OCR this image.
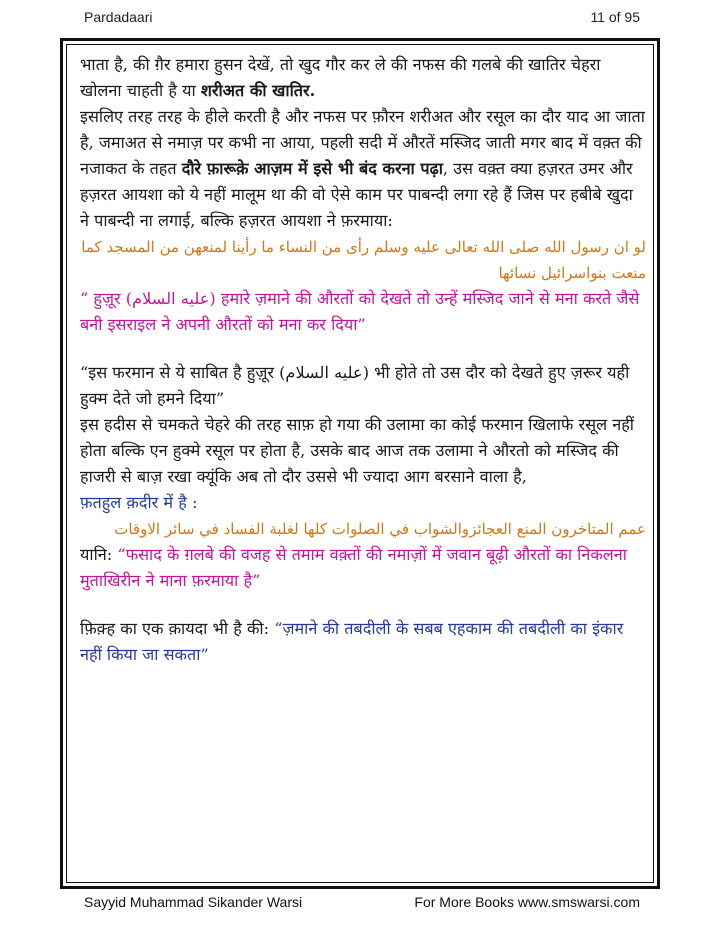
Pardadaari	11 of 95

भाता है, की ग़ैर हमारा हुसन देखें, तो खुद गौर कर ले की नफस की गलबे की खातिर चेहरा खोलना चाहती है या शरीअत की खातिर.

इसलिए तरह तरह के हीले करती है और नफस पर फ़ौरन शरीअत और रसूल का दौर याद आ जाता है, जमाअत से नमाज़ पर कभी ना आया, पहली सदी में औरतें मस्जिद जाती मगर बाद में वक़्त की नजाकत के तहत दौरे फ़ारूक़े आज़म में इसे भी बंद करना पढ़ा, उस वक़्त क्या हज़रत उमर और हज़रत आयशा को ये नहीं मालूम था की वो ऐसे काम पर पाबन्दी लगा रहे हैं जिस पर हबीबे खुदा ने पाबन्दी ना लगाई, बल्कि हज़रत आयशा ने फ़रमाया:

لو ان رسول الله صلى الله تعالى عليه وسلم رأى من النساء ما رأينا لمنعهن من المسجد كما منعت بنواسرائيل نسائها

“ हुज़ूर (عليه السلام) हमारे ज़माने की औरतों को देखते तो उन्हें मस्जिद जाने से मना करते जैसे बनी इसराइल ने अपनी औरतों को मना कर दिया”

“इस फरमान से ये साबित है हुज़ूर (عليه السلام) भी होते तो उस दौर को देखते हुए ज़रूर यही हुक्म देते जो हमने दिया”

इस हदीस से चमकते चेहरे की तरह साफ़ हो गया की उलामा का कोई फरमान खिलाफे रसूल नहीं होता बल्कि एन हुक्मे रसूल पर होता है, उसके बाद आज तक उलामा ने औरतो को मस्जिद की हाजरी से बाज़ रखा क्यूंकि अब तो दौर उससे भी ज्यादा आग बरसाने वाला है,

फ़तहुल क़दीर में है :

عمم المتاخرون المنع العجائزوالشواب في الصلوات كلها لغلبة الفساد في سائر الاوقات

यानि: “फसाद के ग़लबे की वजह से तमाम वक़्तों की नमाज़ों में जवान बूढ़ी औरतों का निकलना मुताखिरीन ने माना फ़रमाया है”

फ़िक़्ह का एक क़ायदा भी है की: “ज़माने की तबदीली के सबब एहकाम की तबदीली का इंकार नहीं किया जा सकता”

Sayyid Muhammad Sikander Warsi	For More Books www.smswarsi.com
